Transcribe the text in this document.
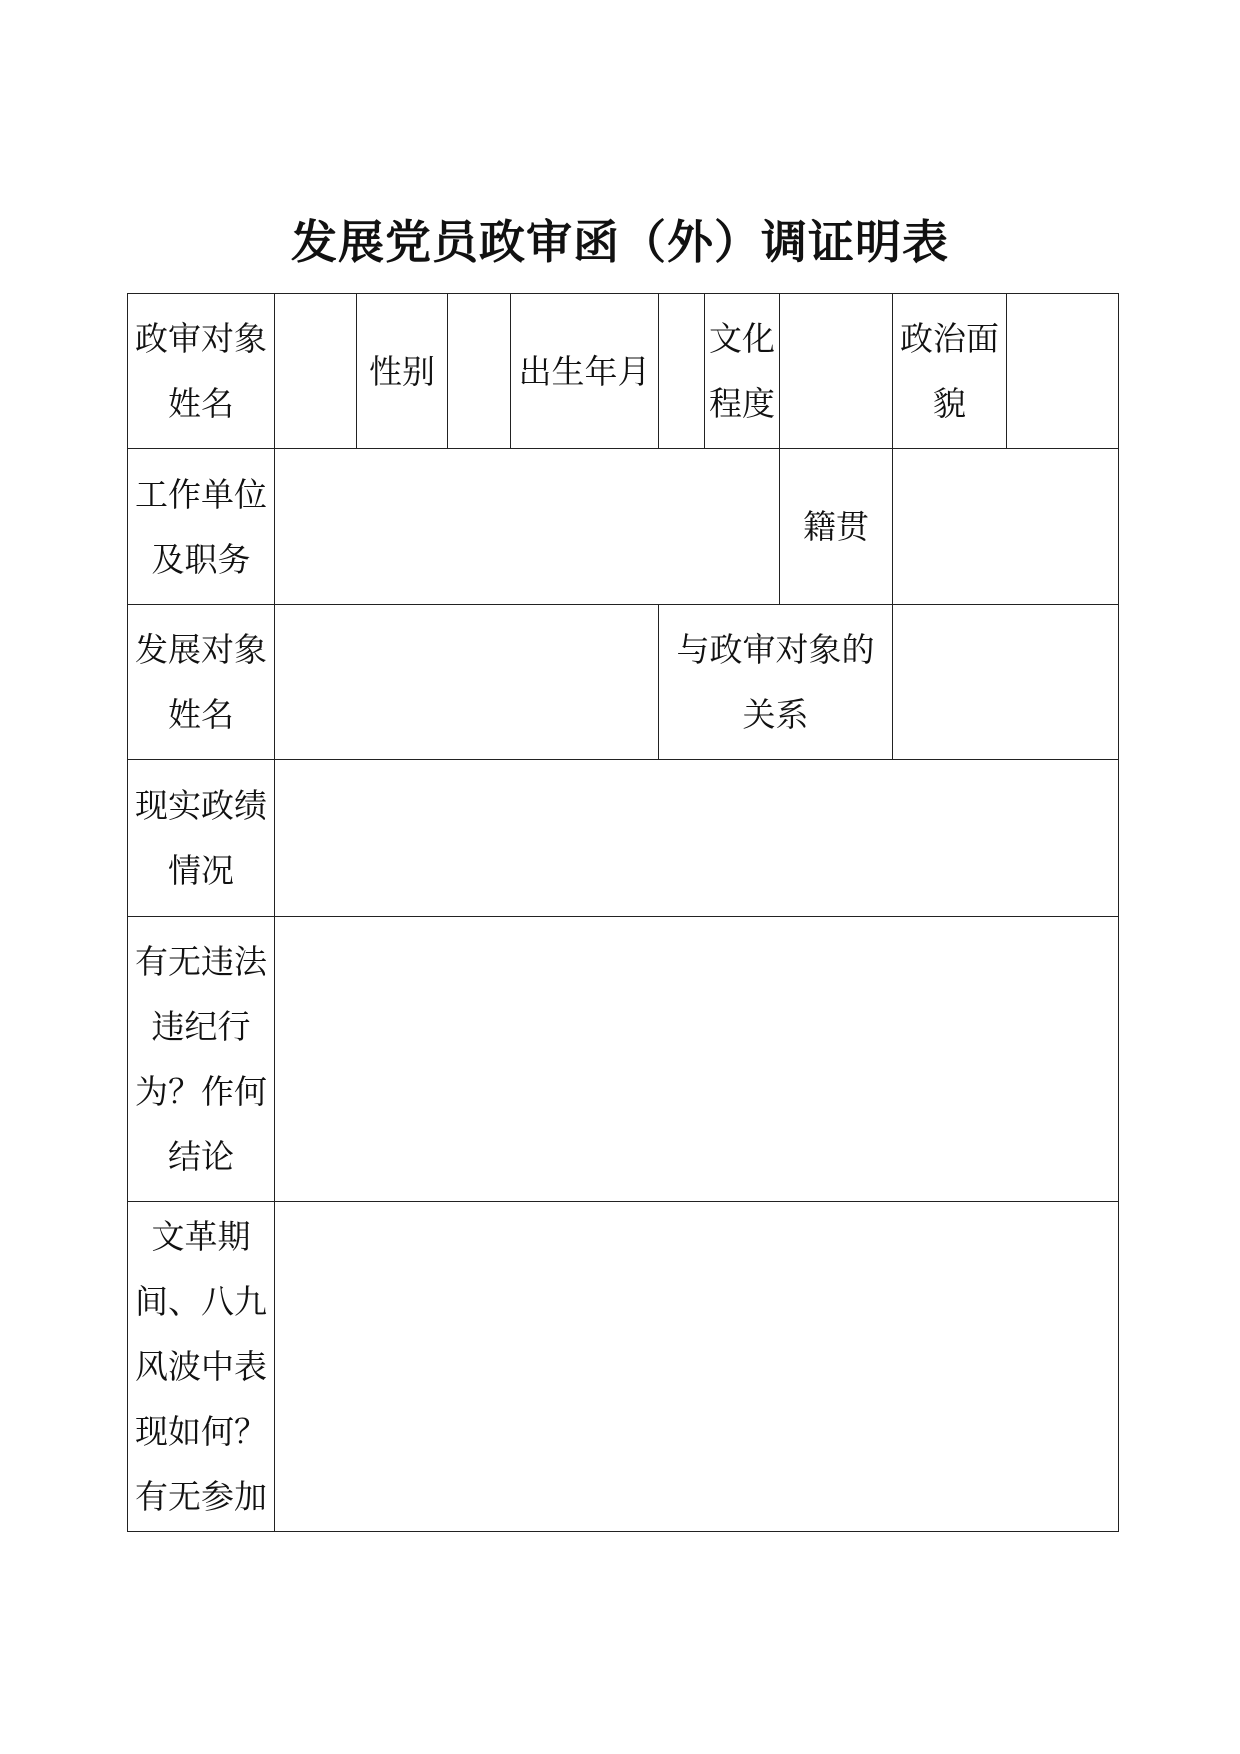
发展党员政审函（外）调证明表
政审对象姓名		性别		出生年月		文化程度		政治面貌	

工作单位及职务							籍贯		

发展对象姓名					与政审对象的关系				

现实政绩情况									

有无违法违纪行为？作何结论									

文革期间、八九风波中表现如何？有无参加									
